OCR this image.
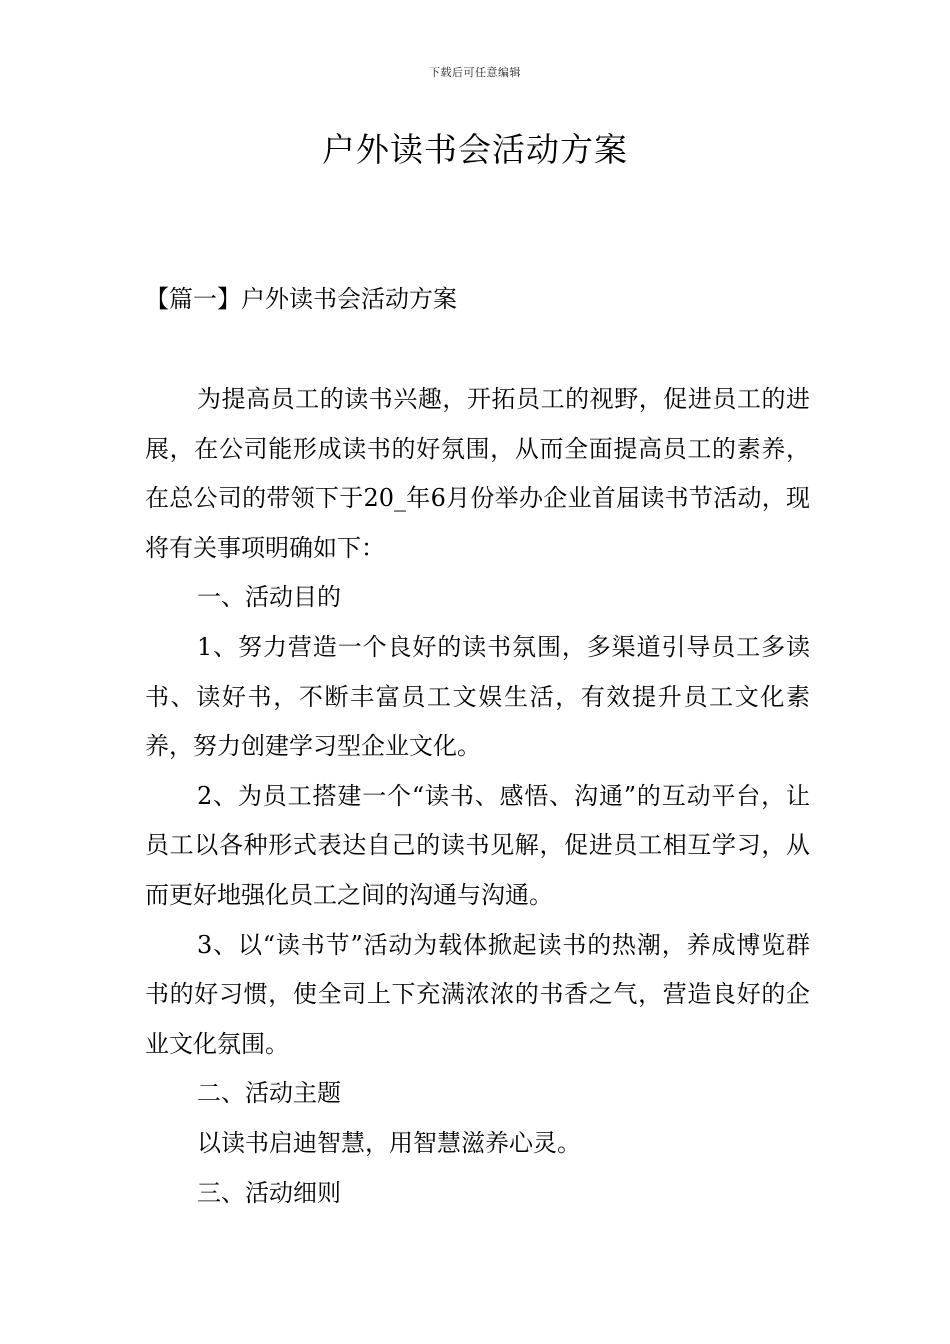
下载后可任意编辑
户外读书会活动方案
【篇一】户外读书会活动方案

为提高员工的读书兴趣，开拓员工的视野，促进员工的进展，在公司能形成读书的好氛围，从而全面提高员工的素养，在总公司的带领下于20_年6月份举办企业首届读书节活动，现将有关事项明确如下：

一、活动目的

1、努力营造一个良好的读书氛围，多渠道引导员工多读书、读好书，不断丰富员工文娱生活，有效提升员工文化素养，努力创建学习型企业文化。

2、为员工搭建一个“读书、感悟、沟通”的互动平台，让员工以各种形式表达自己的读书见解，促进员工相互学习，从而更好地强化员工之间的沟通与沟通。

3、以“读书节”活动为载体掀起读书的热潮，养成博览群书的好习惯，使全司上下充满浓浓的书香之气，营造良好的企业文化氛围。

二、活动主题

以读书启迪智慧，用智慧滋养心灵。

三、活动细则
